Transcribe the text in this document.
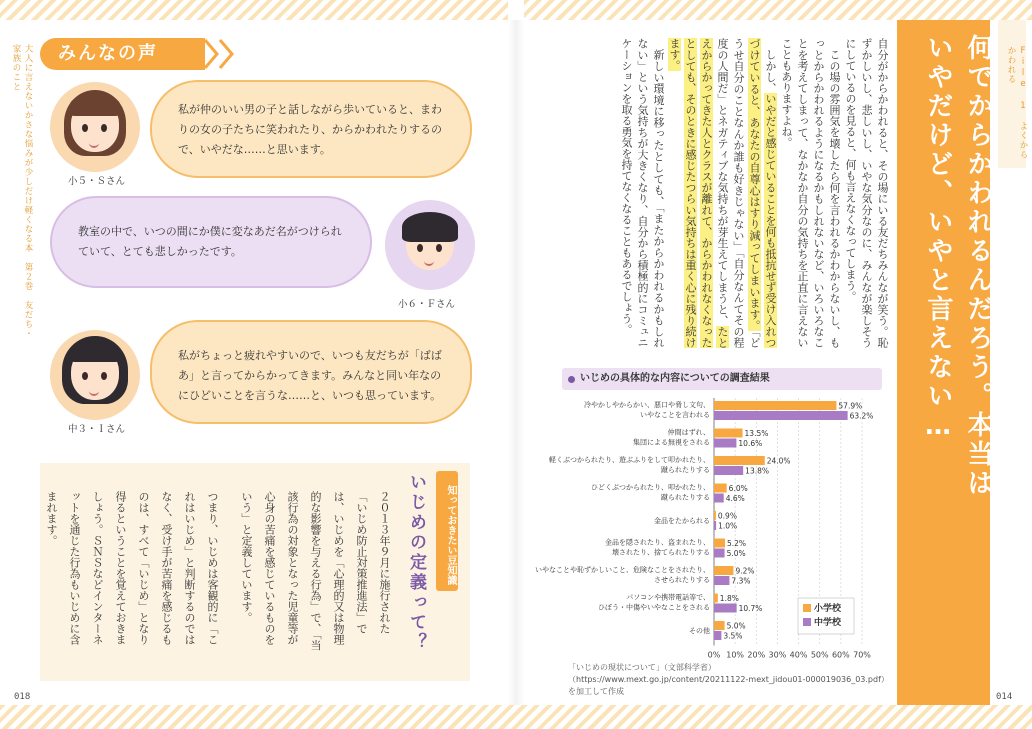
大人に言えないかさな悩みが少しだけ軽くなる本　第２巻　友だち・家族のこと	みんなの声
小５・Ｓさん
私が仲のいい男の子と話しながら歩いていると、まわりの女の子たちに笑われたり、からかわれたりするので、いやだな……と思います。
教室の中で、いつの間にか僕に変なあだ名がつけられていて、とても悲しかったです。
小６・Ｆさん
中３・Ｉさん
私がちょっと疲れやすいので、いつも友だちが「ばばあ」と言ってからかってきます。みんなと同い年なのにひどいことを言うな……と、いつも思っています。
知っておきたい豆知識
いじめの定義って？
２０１３年９月に施行された「いじめ防止対策推進法」では、いじめを「心理的又は物理的な影響を与える行為」で、「当該行為の対象となった児童等が心身の苦痛を感じているものをいう」と定義しています。
つまり、いじめは客観的に「これはいじめ」と判断するのではなく、受け手が苦痛を感じるものは、すべて「いじめ」となり得るということを覚えておきましょう。ＳＮＳなどインターネットを通じた行為もいじめに含まれます。
018
File 1　よくからかわれる
何でからかわれるんだろう。本当はいやだけど、いやと言えない…

自分がからかわれると、その場にいる友だちみんなが笑う。恥ずかしいし、悲しいし、いやな気分なのに、みんなが楽しそうにしているのを見ると、何も言えなくなってしまう。

この場の雰囲気を壊したら何を言われるかわからないし、もっとからかわれるようになるかもしれないなど、いろいろなことを考えてしまって、なかなか自分の気持ちを正直に言えないこともありますよね。

しかし、いやだと感じていることを何も抵抗せず受け入れつづけていると、あなたの自尊心はすり減ってしまいます。「どうせ自分のことなんか誰も好きじゃない」「自分なんてその程度の人間だ」とネガティブな気持ちが芽生えてしまうと、たとえからかってきた人とクラスが離れて、からかわれなくなったとしても、そのときに感じたつらい気持ちは重く心に残り続けます。

新しい環境に移ったとしても、「またからかわれるかもしれない」という気持ちが大きくなり、自分から積極的にコミュニケーションを取る勇気を持てなくなることもあるでしょう。

いじめの具体的な内容についての調査結果
0% 10% 20% 30% 40% 50% 60% 70%
冷やかしやからかい、悪口や脅し文句、
いやなことを言われる
57.9%
63.2%
仲間はずれ、
集団による無視をされる
13.5%
10.6%
軽くぶつかられたり、遊ぶふりをして叩かれたり、
蹴られたりする
24.0%
13.8%
ひどくぶつかられたり、叩かれたり、
蹴られたりする
6.0%
4.6%
金品をたかられる
0.9%
1.0%
金品を隠されたり、盗まれたり、
壊されたり、捨てられたりする
5.2%
5.0%
いやなことや恥ずかしいこと、危険なことをされたり、
させられたりする
9.2%
7.3%
パソコンや携帯電話等で、
ひぼう・中傷やいやなことをされる
1.8%
10.7%
その他
5.0%
3.5%
小学校
中学校
「いじめの現状について」（文部科学省）
（https://www.mext.go.jp/content/20211122-mext_jidou01-000019036_03.pdf）を加工して作成
014
